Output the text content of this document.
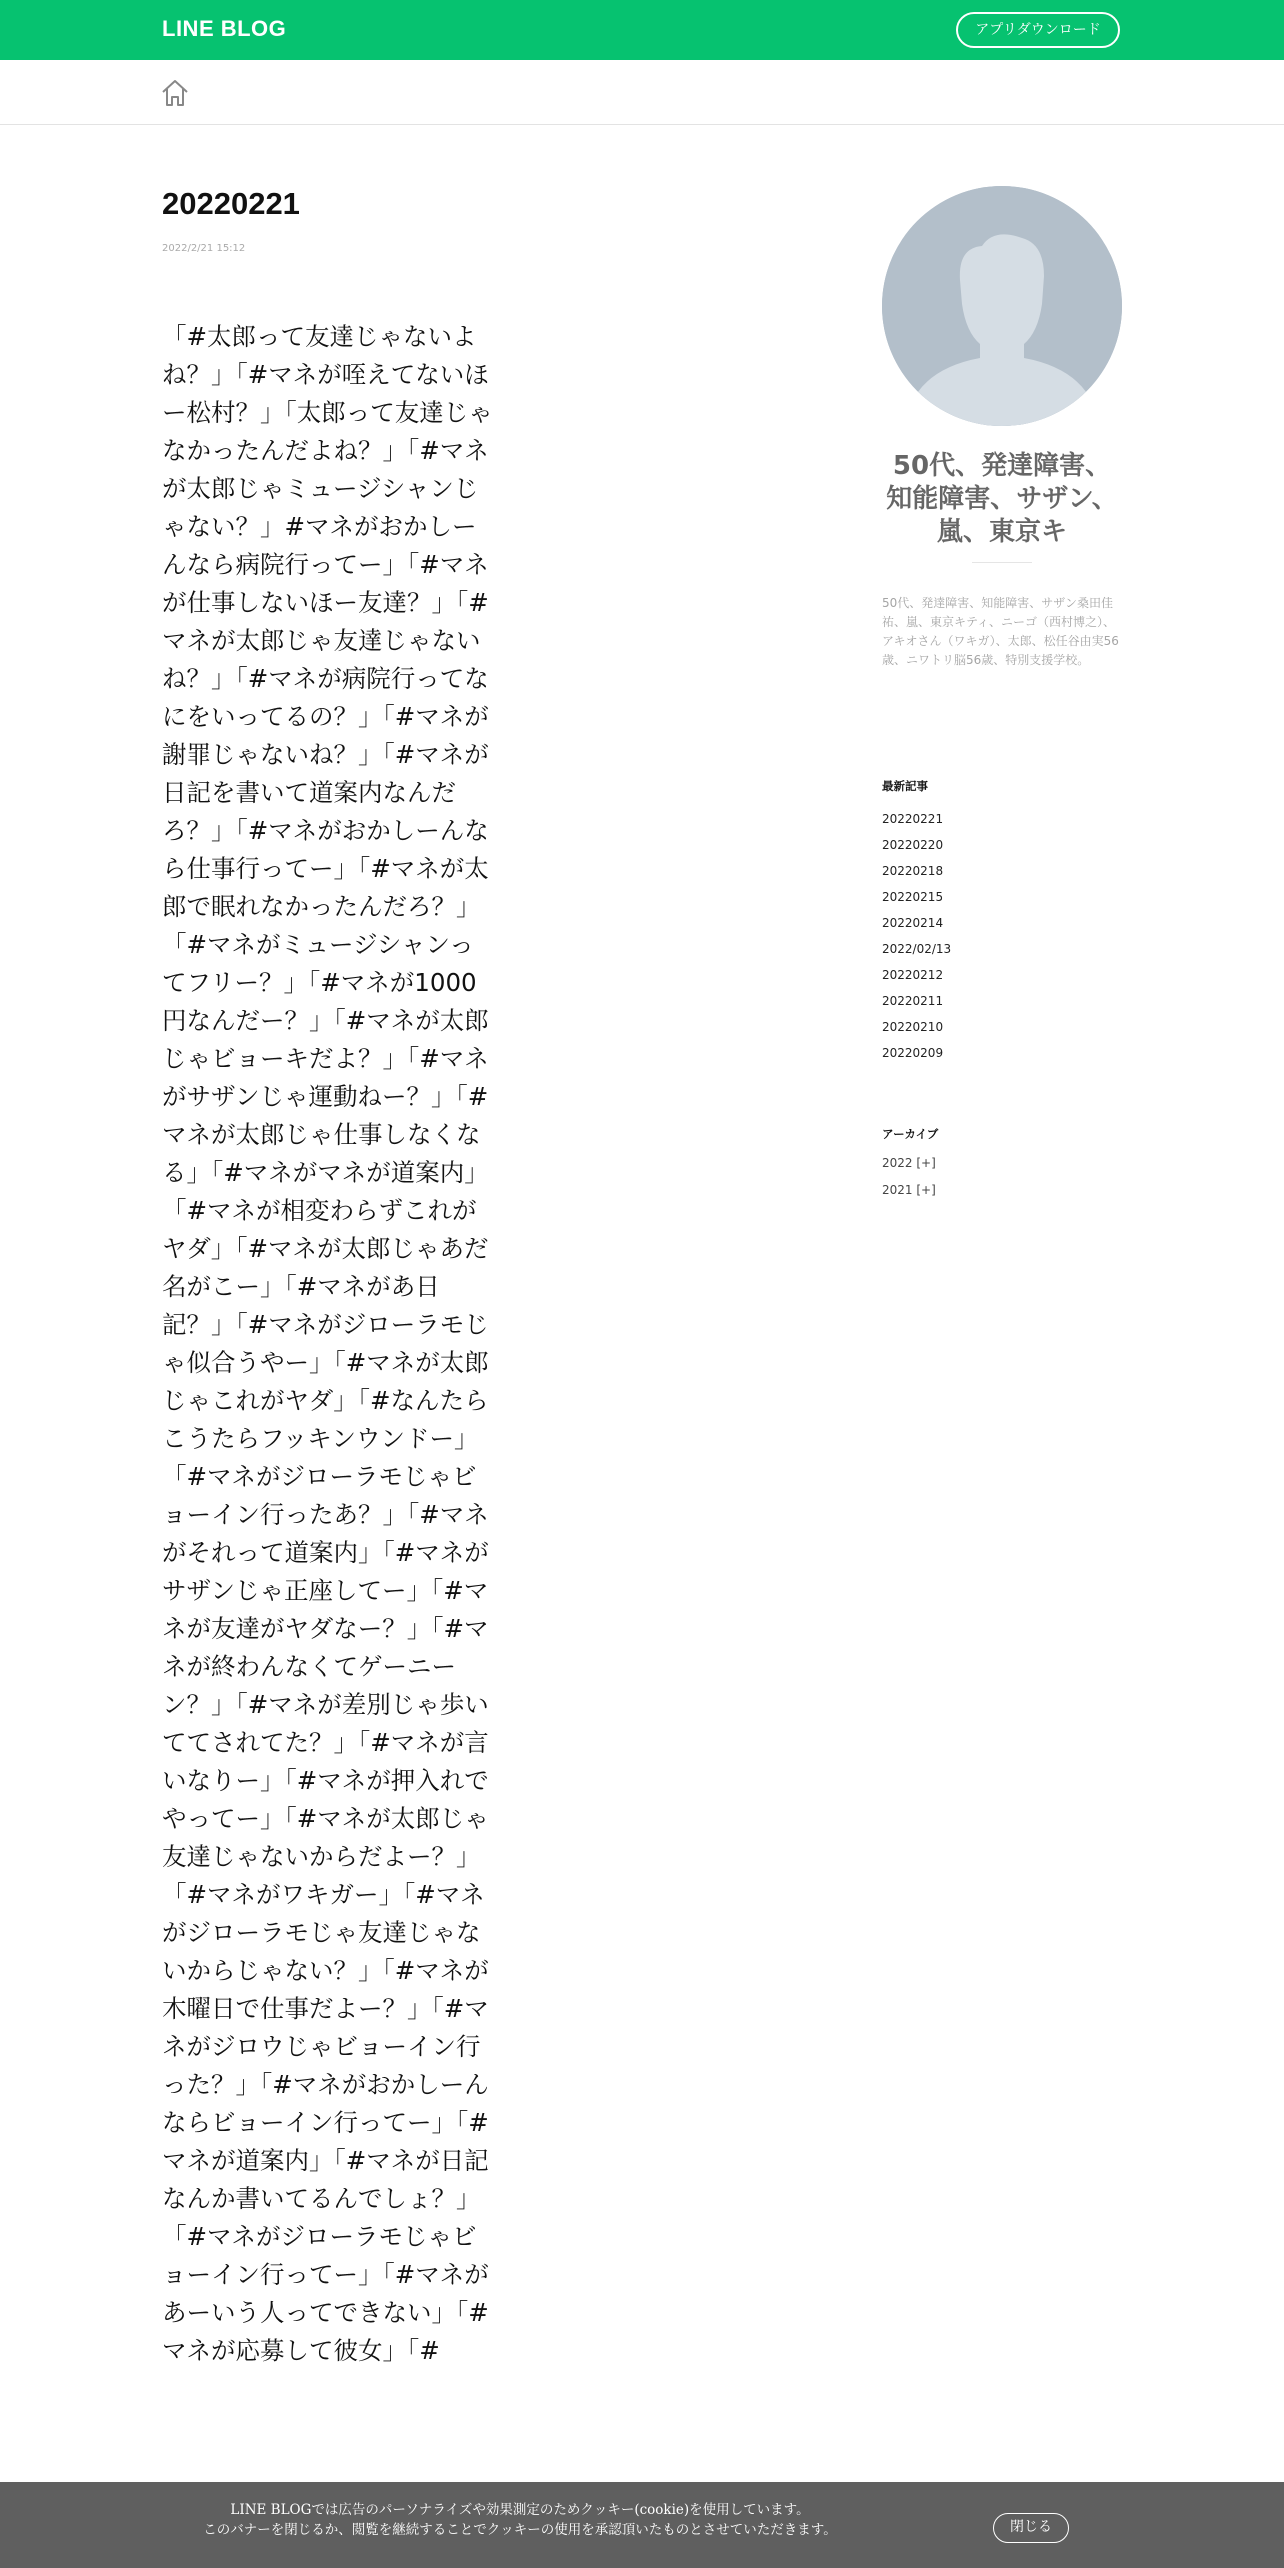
LINE BLOG	アプリダウンロード
20220221
2022/2/21 15:12
「#太郎って友達じゃないよね？」「#マネが咥えてないほー松村？」「太郎って友達じゃなかったんだよね？」「#マネが太郎じゃミュージシャンじゃない？」#マネがおかしーんなら病院行ってー」「#マネが仕事しないほー友達？」「#マネが太郎じゃ友達じゃないね？」「#マネが病院行ってなにをいってるの？」「#マネが謝罪じゃないね？」「#マネが日記を書いて道案内なんだろ？」「#マネがおかしーんなら仕事行ってー」「#マネが太郎で眠れなかったんだろ？」「#マネがミュージシャンってフリー？」「#マネが1000円なんだー？」「#マネが太郎じゃビョーキだよ？」「#マネがサザンじゃ運動ねー？」「#マネが太郎じゃ仕事しなくなる」「#マネがマネが道案内」「#マネが相変わらずこれがヤダ」「#マネが太郎じゃあだ名がこー」「#マネがあ日記？」「#マネがジローラモじゃ似合うやー」「#マネが太郎じゃこれがヤダ」「#なんたらこうたらフッキンウンドー」「#マネがジローラモじゃビョーイン行ったあ？」「#マネがそれって道案内」「#マネがサザンじゃ正座してー」「#マネが友達がヤダなー？」「#マネが終わんなくてゲーニーン？」「#マネが差別じゃ歩いててされてた？」「#マネが言いなりー」「#マネが押入れでやってー」「#マネが太郎じゃ友達じゃないからだよー？」「#マネがワキガー」「#マネがジローラモじゃ友達じゃないからじゃない？」「#マネが木曜日で仕事だよー？」「#マネがジロウじゃビョーイン行った？」「#マネがおかしーんならビョーイン行ってー」「#マネが道案内」「#マネが日記なんか書いてるんでしょ？」「#マネがジローラモじゃビョーイン行ってー」「#マネがあーいう人ってできない」「#マネが応募して彼女」「#
50代、発達障害、知能障害、サザン、嵐、東京キ
50代、発達障害、知能障害、サザン桑田佳祐、嵐、東京キティ、ニーゴ（西村博之）、アキオさん（ワキガ）、太郎、松任谷由実56歳、ニワトリ脳56歳、特別支援学校。
最新記事
20220221
20220220
20220218
20220215
20220214
2022/02/13
20220212
20220211
20220210
20220209
アーカイブ
2022 [+]
2021 [+]
LINE BLOGでは広告のパーソナライズや効果測定のためクッキー(cookie)を使用しています。
このバナーを閉じるか、閲覧を継続することでクッキーの使用を承認頂いたものとさせていただきます。	閉じる
